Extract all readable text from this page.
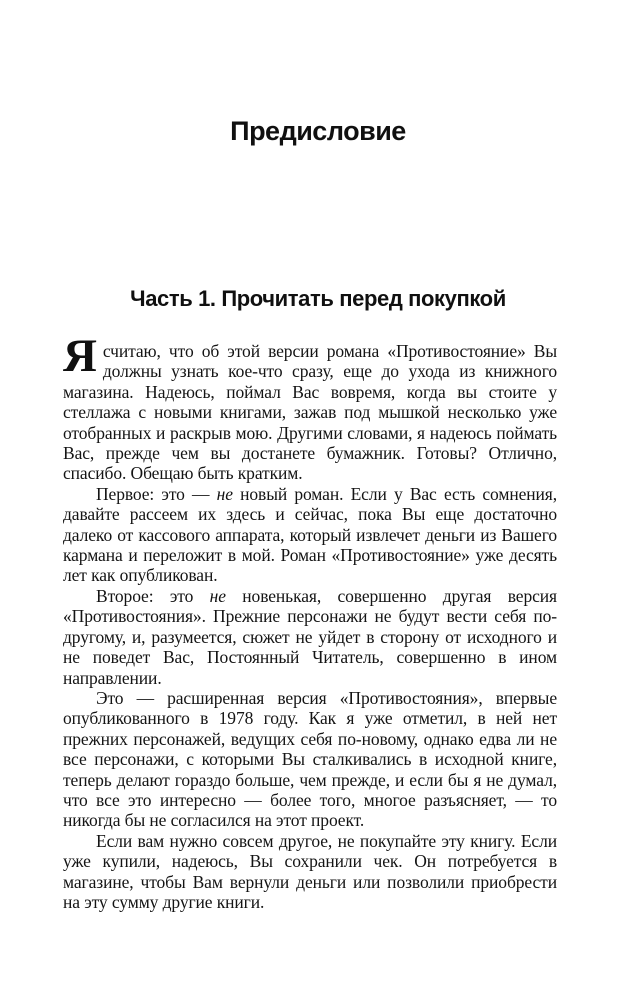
Предисловие
Часть 1. Прочитать перед покупкой

Ясчитаю, что об этой версии романа «Противостояние» Вы должны узнать кое-что сразу, еще до ухода из книжного магазина. Надеюсь, поймал Вас вовремя, когда вы стоите у стеллажа с новыми книгами, зажав под мышкой несколько уже отобранных и раскрыв мою. Другими словами, я надеюсь поймать Вас, прежде чем вы достанете бумажник. Готовы? Отлично, спасибо. Обещаю быть кратким.

Первое: это — не новый роман. Если у Вас есть сомнения, давайте рассеем их здесь и сейчас, пока Вы еще достаточно далеко от кассового аппарата, который извлечет деньги из Вашего кармана и переложит в мой. Роман «Противостояние» уже десять лет как опубликован.

Второе: это не новенькая, совершенно другая версия «Противостояния». Прежние персонажи не будут вести себя по-другому, и, разумеется, сюжет не уйдет в сторону от исходного и не поведет Вас, Постоянный Читатель, совершенно в ином направлении.

Это — расширенная версия «Противостояния», впервые опубликованного в 1978 году. Как я уже отметил, в ней нет прежних персонажей, ведущих себя по-новому, однако едва ли не все персонажи, с которыми Вы сталкивались в исходной книге, теперь делают гораздо больше, чем прежде, и если бы я не думал, что все это интересно — более того, многое разъясняет, — то никогда бы не согласился на этот проект.

Если вам нужно совсем другое, не покупайте эту книгу. Если уже купили, надеюсь, Вы сохранили чек. Он потребуется в магазине, чтобы Вам вернули деньги или позволили приобрести на эту сумму другие книги.
